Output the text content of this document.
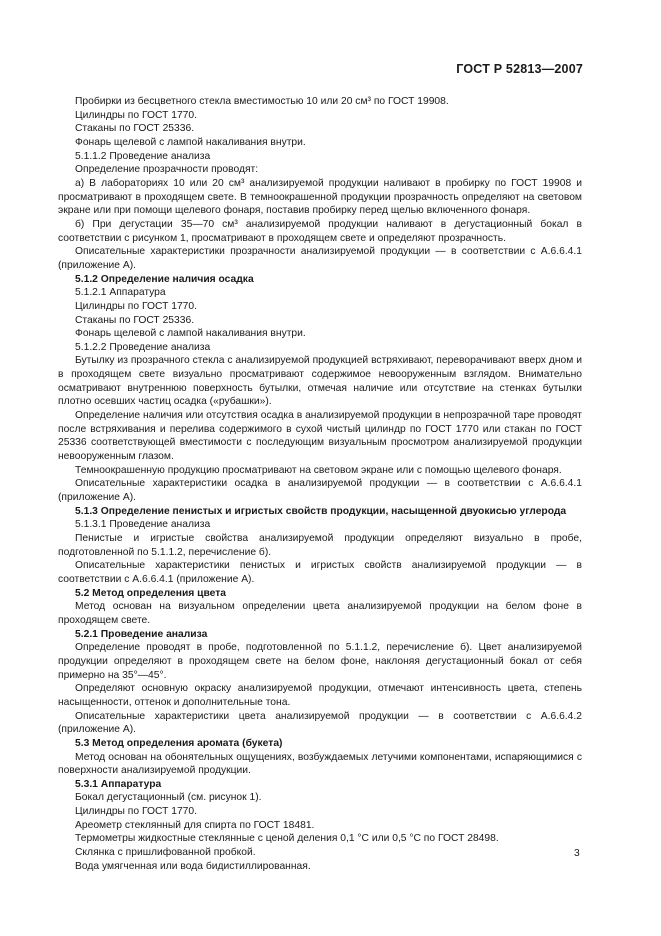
ГОСТ Р 52813—2007

Пробирки из бесцветного стекла вместимостью 10 или 20 см³ по ГОСТ 19908.

Цилиндры по ГОСТ 1770.

Стаканы по ГОСТ 25336.

Фонарь щелевой с лампой накаливания внутри.

5.1.1.2 Проведение анализа

Определение прозрачности проводят:

а) В лабораториях 10 или 20 см³ анализируемой продукции наливают в пробирку по ГОСТ 19908 и просматривают в проходящем свете. В темноокрашенной продукции прозрачность определяют на световом экране или при помощи щелевого фонаря, поставив пробирку перед щелью включенного фонаря.

б) При дегустации 35—70 см³ анализируемой продукции наливают в дегустационный бокал в соответствии с рисунком 1, просматривают в проходящем свете и определяют прозрачность.

Описательные характеристики прозрачности анализируемой продукции — в соответствии с А.6.6.4.1 (приложение А).

5.1.2 Определение наличия осадка

5.1.2.1 Аппаратура

Цилиндры по ГОСТ 1770.

Стаканы по ГОСТ 25336.

Фонарь щелевой с лампой накаливания внутри.

5.1.2.2 Проведение анализа

Бутылку из прозрачного стекла с анализируемой продукцией встряхивают, переворачивают вверх дном и в проходящем свете визуально просматривают содержимое невооруженным взглядом. Внимательно осматривают внутреннюю поверхность бутылки, отмечая наличие или отсутствие на стенках бутылки плотно осевших частиц осадка («рубашки»).

Определение наличия или отсутствия осадка в анализируемой продукции в непрозрачной таре проводят после встряхивания и перелива содержимого в сухой чистый цилиндр по ГОСТ 1770 или стакан по ГОСТ 25336 соответствующей вместимости с последующим визуальным просмотром анализируемой продукции невооруженным глазом.

Темноокрашенную продукцию просматривают на световом экране или с помощью щелевого фонаря.

Описательные характеристики осадка в анализируемой продукции — в соответствии с А.6.6.4.1 (приложение А).

5.1.3 Определение пенистых и игристых свойств продукции, насыщенной двуокисью углерода

5.1.3.1 Проведение анализа

Пенистые и игристые свойства анализируемой продукции определяют визуально в пробе, подготовленной по 5.1.1.2, перечисление б).

Описательные характеристики пенистых и игристых свойств анализируемой продукции — в соответствии с А.6.6.4.1 (приложение А).

5.2 Метод определения цвета

Метод основан на визуальном определении цвета анализируемой продукции на белом фоне в проходящем свете.

5.2.1 Проведение анализа

Определение проводят в пробе, подготовленной по 5.1.1.2, перечисление б). Цвет анализируемой продукции определяют в проходящем свете на белом фоне, наклоняя дегустационный бокал от себя примерно на 35°—45°.

Определяют основную окраску анализируемой продукции, отмечают интенсивность цвета, степень насыщенности, оттенок и дополнительные тона.

Описательные характеристики цвета анализируемой продукции — в соответствии с А.6.6.4.2 (приложение А).

5.3 Метод определения аромата (букета)

Метод основан на обонятельных ощущениях, возбуждаемых летучими компонентами, испаряющимися с поверхности анализируемой продукции.

5.3.1 Аппаратура

Бокал дегустационный (см. рисунок 1).

Цилиндры по ГОСТ 1770.

Ареометр стеклянный для спирта по ГОСТ 18481.

Термометры жидкостные стеклянные с ценой деления 0,1 °С или 0,5 °С по ГОСТ 28498.

Склянка с пришлифованной пробкой.

Вода умягченная или вода бидистиллированная.

3
